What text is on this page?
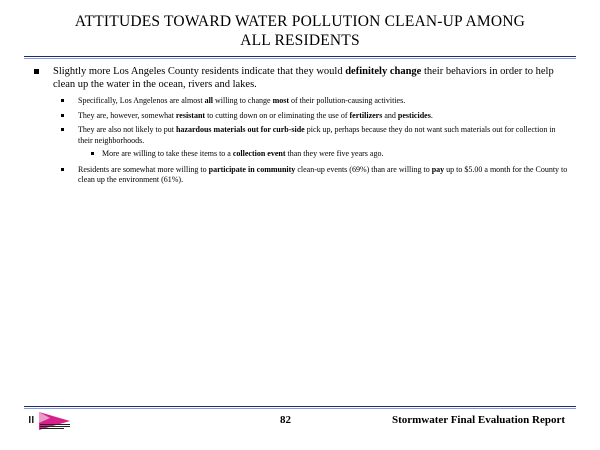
ATTITUDES TOWARD WATER POLLUTION CLEAN-UP AMONG
ALL RESIDENTS
Slightly more Los Angeles County residents indicate that they would definitely change their behaviors in order to help clean up the water in the ocean, rivers and lakes.
Specifically, Los Angelenos are almost all willing to change most of their pollution-causing activities.
They are, however, somewhat resistant to cutting down on or eliminating the use of fertilizers and pesticides.
They are also not likely to put hazardous materials out for curb-side pick up, perhaps because they do not want such materials out for collection in their neighborhoods.
More are willing to take these items to a collection event than they were five years ago.
Residents are somewhat more willing to participate in community clean-up events (69%) than are willing to pay up to $5.00 a month for the County to clean up the environment (61%).
82	Stormwater Final Evaluation Report
